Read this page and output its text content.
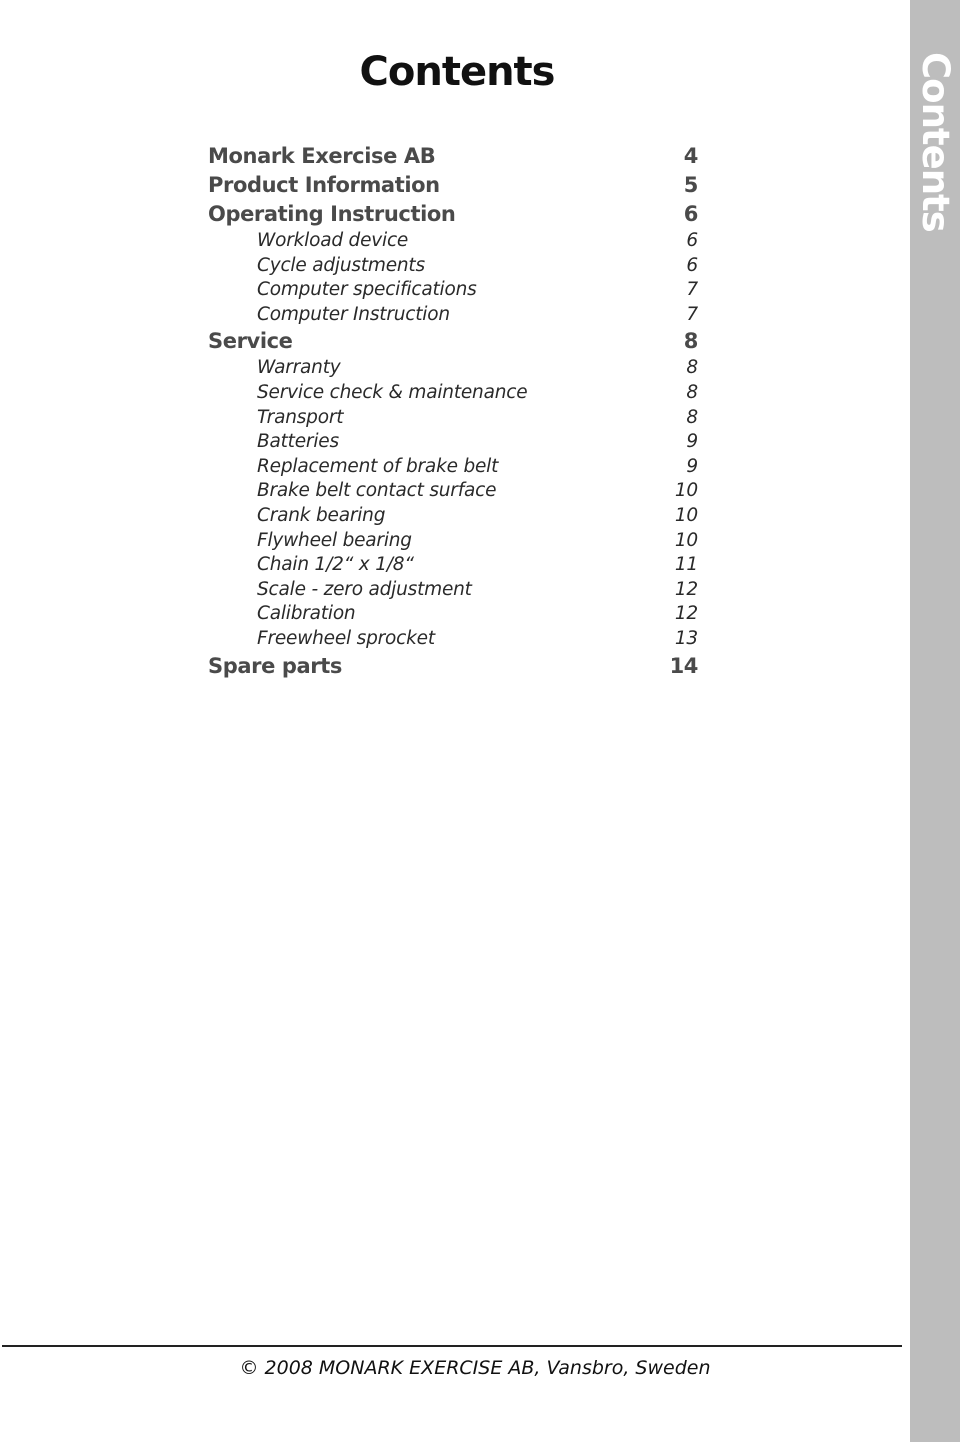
Contents	Contents
Monark Exercise AB	4
Product Information	5
Operating Instruction	6
Workload device	6
Cycle adjustments	6
Computer specifications	7
Computer Instruction	7
Service	8
Warranty	8
Service check & maintenance	8
Transport	8
Batteries	9
Replacement of brake belt	9
Brake belt contact surface	10
Crank bearing	10
Flywheel bearing	10
Chain 1/2“ x 1/8“	11
Scale - zero adjustment	12
Calibration	12
Freewheel sprocket	13
Spare parts	14
© 2008 MONARK EXERCISE AB, Vansbro, Sweden
